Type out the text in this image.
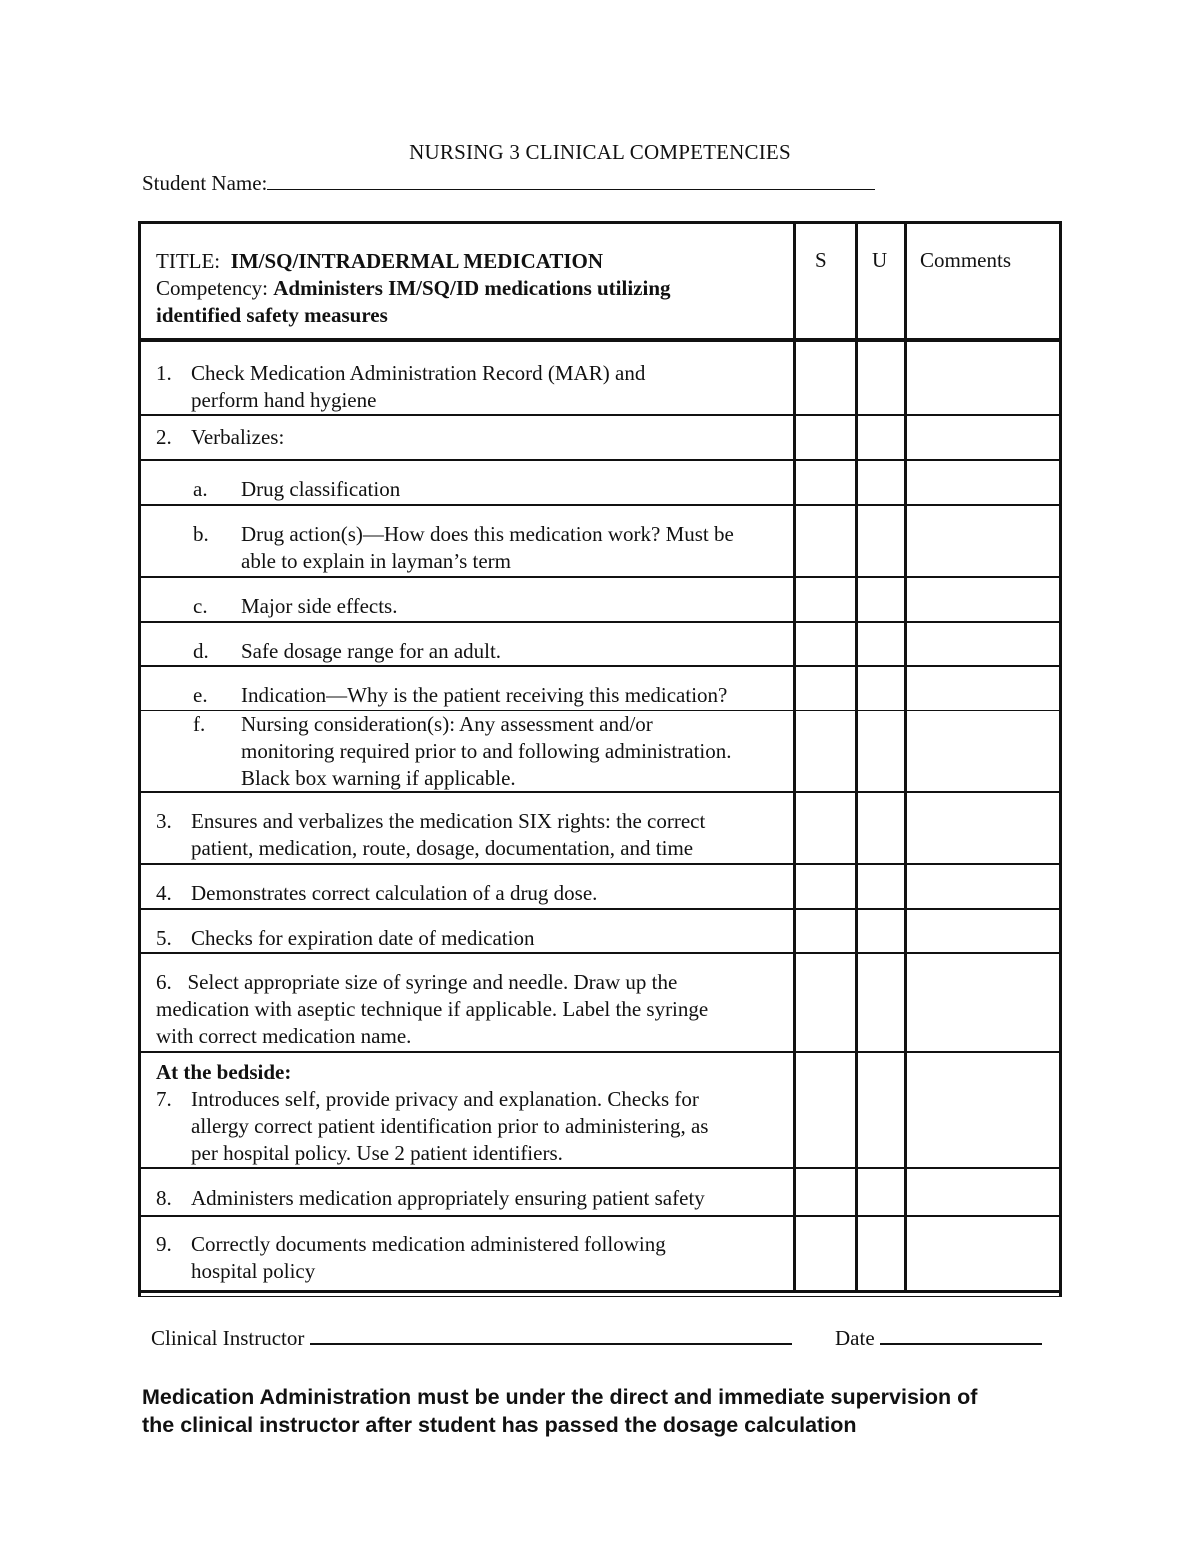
NURSING 3 CLINICAL COMPETENCIES
Student Name:
TITLE: IM/SQ/INTRADERMAL MEDICATION
Competency: Administers IM/SQ/ID medications utilizing
identified safety measures
S U Comments
1. Check Medication Administration Record (MAR) and
perform hand hygiene
2. Verbalizes:
a.	Drug classification
b.	Drug action(s)—How does this medication work? Must be
able to explain in layman’s term
c.	Major side effects.
d.	Safe dosage range for an adult.
e.	Indication—Why is the patient receiving this medication?
f.	Nursing consideration(s): Any assessment and/or
monitoring required prior to and following administration.
Black box warning if applicable.
3. Ensures and verbalizes the medication SIX rights: the correct
patient, medication, route, dosage, documentation, and time
4. Demonstrates correct calculation of a drug dose.
5. Checks for expiration date of medication
6.   Select appropriate size of syringe and needle. Draw up the
medication with aseptic technique if applicable. Label the syringe
with correct medication name.
At the bedside:
7. Introduces self, provide privacy and explanation. Checks for
allergy correct patient identification prior to administering, as
per hospital policy. Use 2 patient identifiers.
8. Administers medication appropriately ensuring patient safety
9. Correctly documents medication administered following
hospital policy
Clinical Instructor	Date
Medication Administration must be under the direct and immediate supervision of
the clinical instructor after student has passed the dosage calculation
